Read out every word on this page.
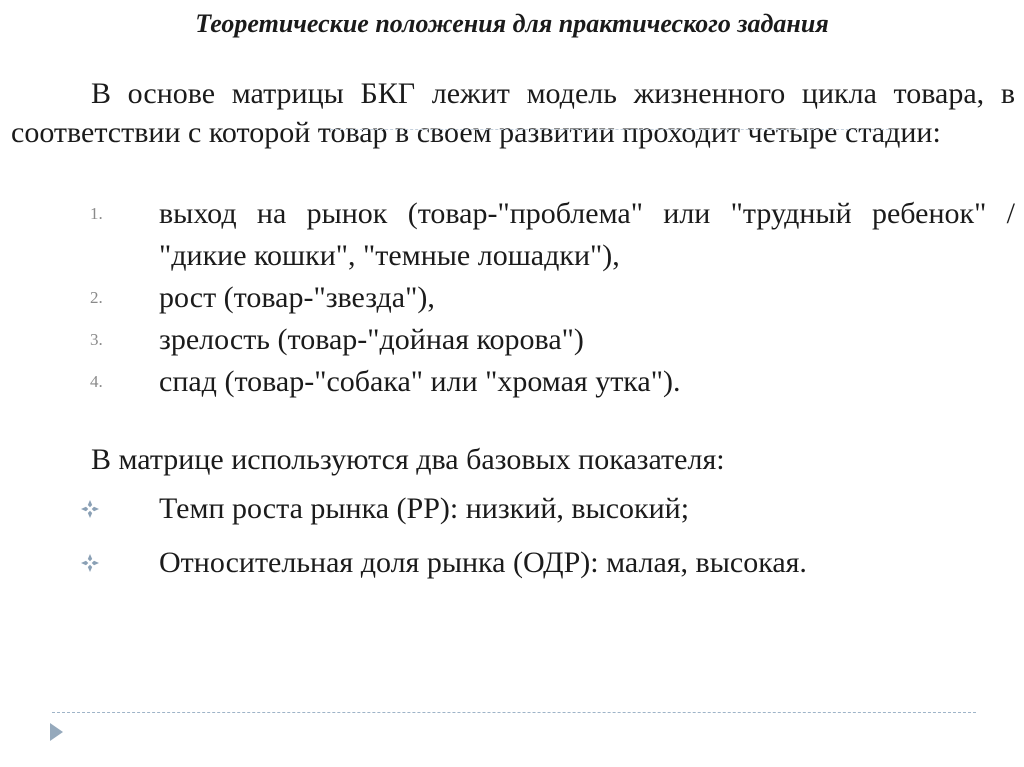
Теоретические положения для практического задания

В основе матрицы БКГ лежит модель жизненного цикла товара, в соответствии с которой товар в своем развитии проходит четыре стадии:

1. выход на рынок (товар-"проблема" или "трудный ребенок" / "дикие кошки", "темные лошадки"),
2. рост (товар-"звезда"),
3. зрелость (товар-"дойная корова")
4. спад (товар-"собака" или "хромая утка").
В матрице используются два базовых показателя:
Темп роста рынка (РР): низкий, высокий;
Относительная доля рынка (ОДР): малая, высокая.
